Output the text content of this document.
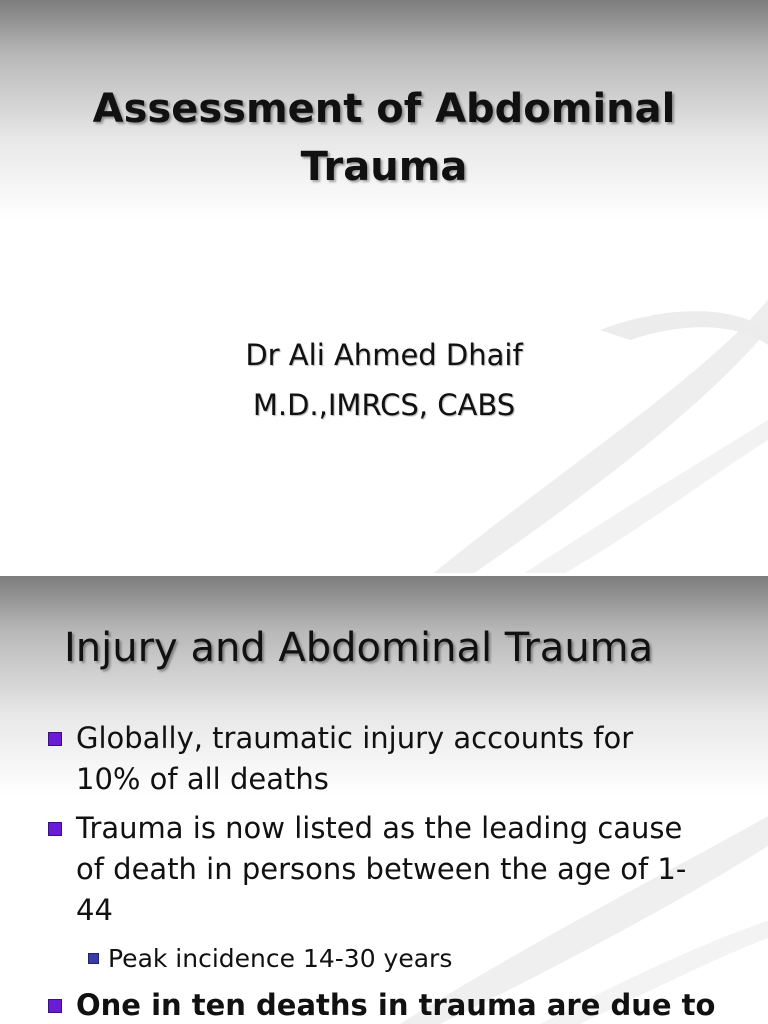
Assessment of Abdominal
Trauma
Dr Ali Ahmed Dhaif
M.D.,IMRCS, CABS
Injury and Abdominal Trauma
Globally, traumatic injury accounts for
10% of all deaths
Trauma is now listed as the leading cause
of death in persons between the age of 1-
44
Peak incidence 14-30 years
One in ten deaths in trauma are due to
